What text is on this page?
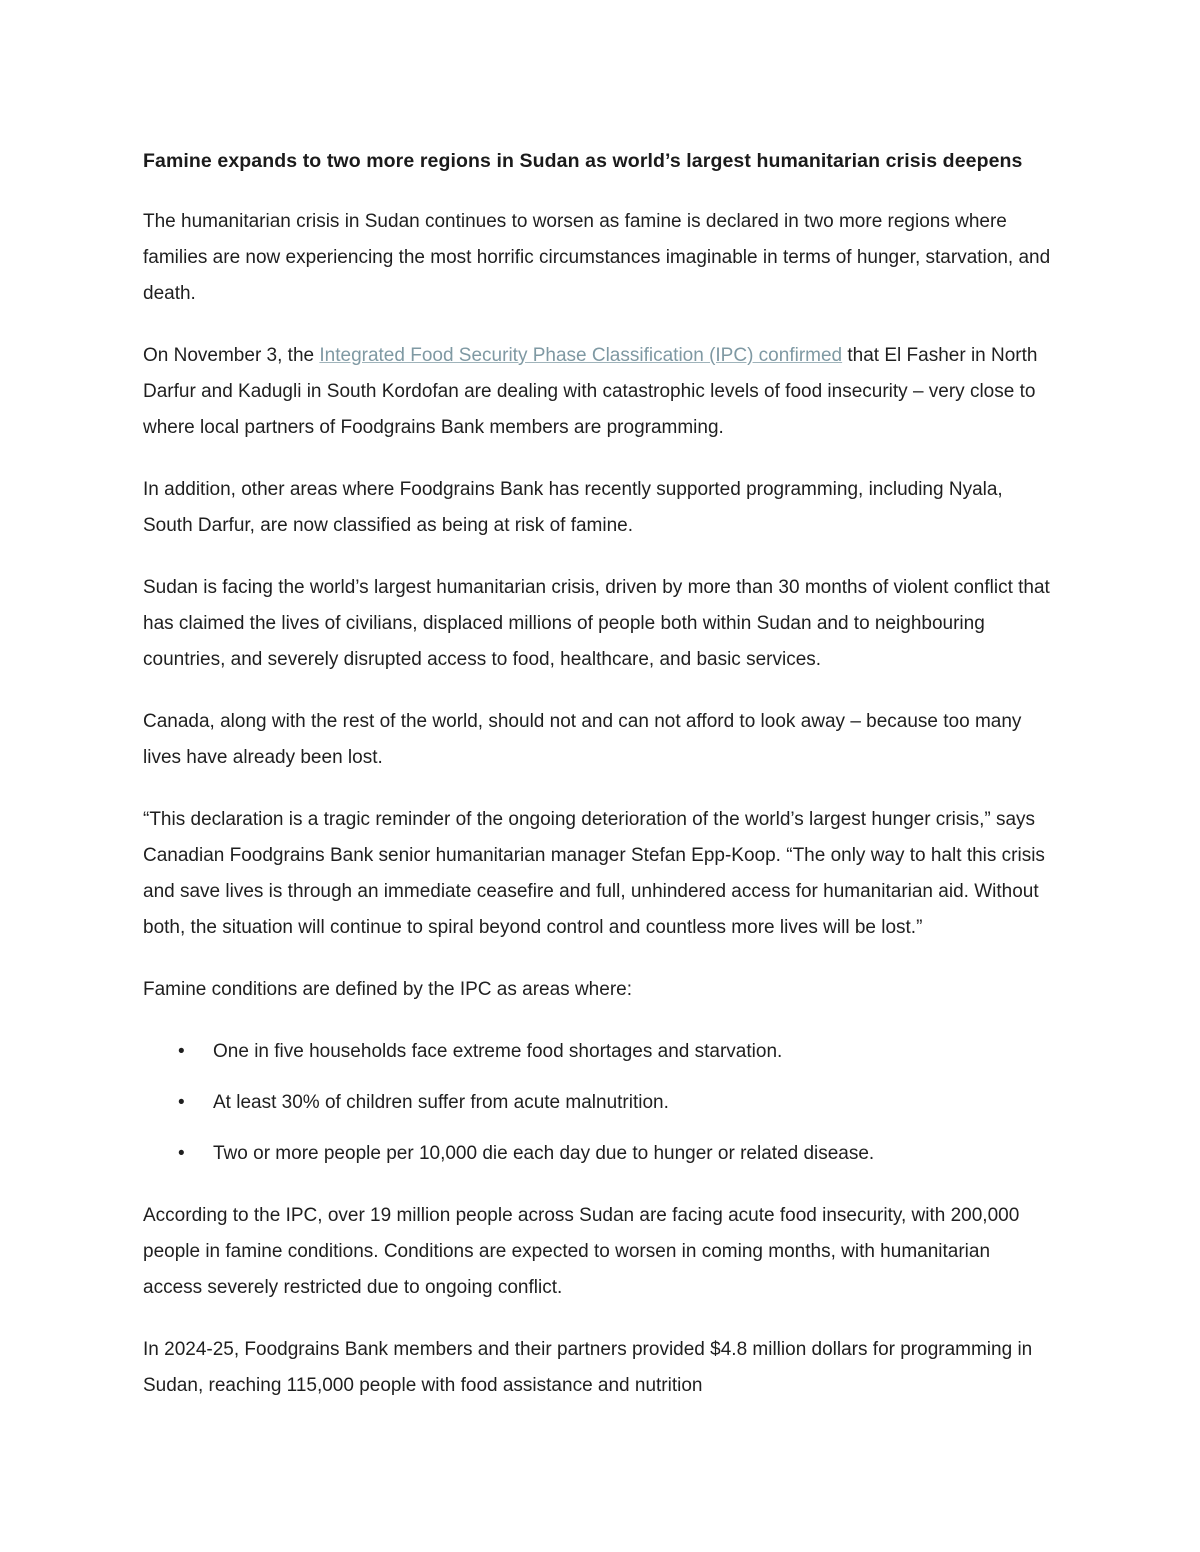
Famine expands to two more regions in Sudan as world’s largest humanitarian crisis deepens

The humanitarian crisis in Sudan continues to worsen as famine is declared in two more regions where families are now experiencing the most horrific circumstances imaginable in terms of hunger, starvation, and death.

On November 3, the Integrated Food Security Phase Classification (IPC) confirmed that El Fasher in North Darfur and Kadugli in South Kordofan are dealing with catastrophic levels of food insecurity – very close to where local partners of Foodgrains Bank members are programming.

In addition, other areas where Foodgrains Bank has recently supported programming, including Nyala, South Darfur, are now classified as being at risk of famine.

Sudan is facing the world’s largest humanitarian crisis, driven by more than 30 months of violent conflict that has claimed the lives of civilians, displaced millions of people both within Sudan and to neighbouring countries, and severely disrupted access to food, healthcare, and basic services.

Canada, along with the rest of the world, should not and can not afford to look away – because too many lives have already been lost.

“This declaration is a tragic reminder of the ongoing deterioration of the world’s largest hunger crisis,” says Canadian Foodgrains Bank senior humanitarian manager Stefan Epp-Koop. “The only way to halt this crisis and save lives is through an immediate ceasefire and full, unhindered access for humanitarian aid. Without both, the situation will continue to spiral beyond control and countless more lives will be lost.”

Famine conditions are defined by the IPC as areas where:

• One in five households face extreme food shortages and starvation.
• At least 30% of children suffer from acute malnutrition.
• Two or more people per 10,000 die each day due to hunger or related disease.

According to the IPC, over 19 million people across Sudan are facing acute food insecurity, with 200,000 people in famine conditions. Conditions are expected to worsen in coming months, with humanitarian access severely restricted due to ongoing conflict.

In 2024-25, Foodgrains Bank members and their partners provided $4.8 million dollars for programming in Sudan, reaching 115,000 people with food assistance and nutrition
